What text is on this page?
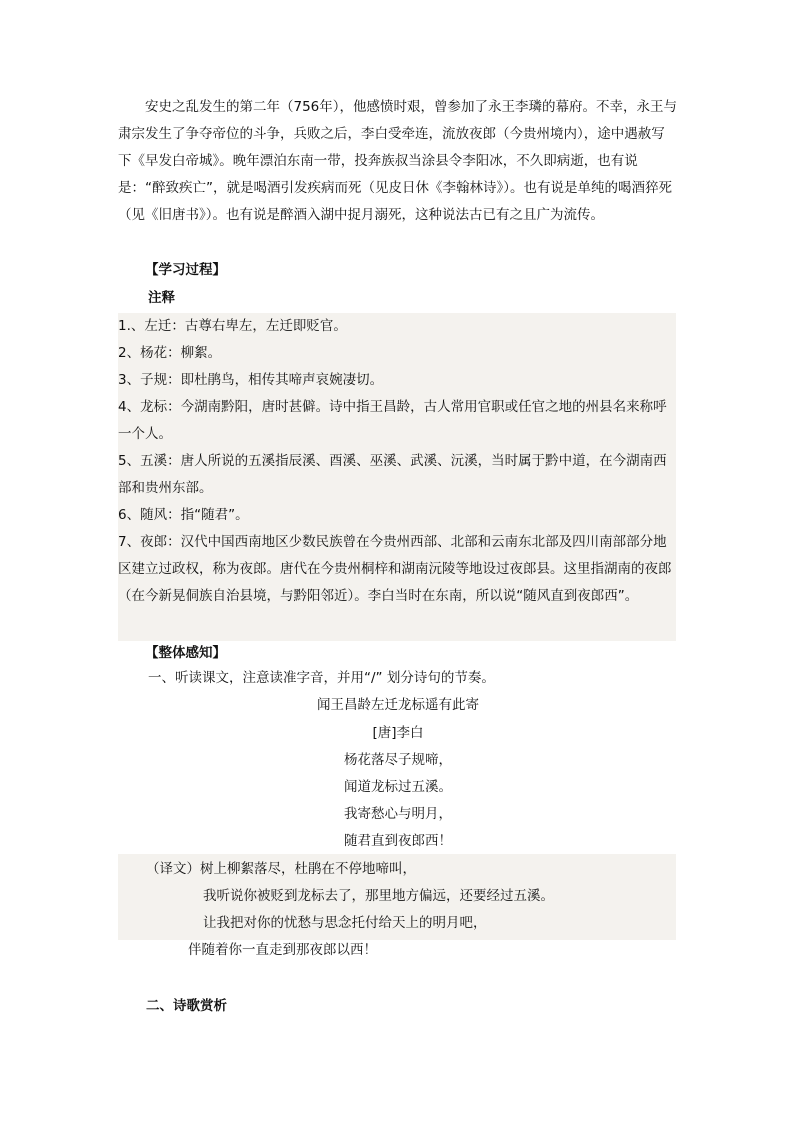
安史之乱发生的第二年（756年），他感愤时艰，曾参加了永王李璘的幕府。不幸，永王与肃宗发生了争夺帝位的斗争，兵败之后，李白受牵连，流放夜郎（今贵州境内），途中遇赦写下《早发白帝城》。晚年漂泊东南一带，投奔族叔当涂县令李阳冰，不久即病逝，也有说是：“醉致疾亡”，就是喝酒引发疾病而死（见皮日休《李翰林诗》）。也有说是单纯的喝酒猝死（见《旧唐书》）。也有说是醉酒入湖中捉月溺死，这种说法古已有之且广为流传。

【学习过程】

注释

1.、左迁：古尊右卑左，左迁即贬官。

2、杨花：柳絮。

3、子规：即杜鹃鸟，相传其啼声哀婉凄切。

4、龙标：今湖南黔阳，唐时甚僻。诗中指王昌龄，古人常用官职或任官之地的州县名来称呼一个人。

5、五溪：唐人所说的五溪指辰溪、酉溪、巫溪、武溪、沅溪，当时属于黔中道，在今湖南西部和贵州东部。

6、随风：指“随君”。

7、夜郎：汉代中国西南地区少数民族曾在今贵州西部、北部和云南东北部及四川南部部分地区建立过政权，称为夜郎。唐代在今贵州桐梓和湖南沅陵等地设过夜郎县。这里指湖南的夜郎（在今新晃侗族自治县境，与黔阳邻近）。李白当时在东南，所以说“随风直到夜郎西”。

【整体感知】

一、听读课文，注意读准字音，并用“/” 划分诗句的节奏。

闻王昌龄左迁龙标遥有此寄

[唐]李白

杨花落尽子规啼，

闻道龙标过五溪。

我寄愁心与明月，

随君直到夜郎西！

（译文）树上柳絮落尽，杜鹃在不停地啼叫，

我听说你被贬到龙标去了，那里地方偏远，还要经过五溪。

让我把对你的忧愁与思念托付给天上的明月吧，

伴随着你一直走到那夜郎以西！

二、诗歌赏析
